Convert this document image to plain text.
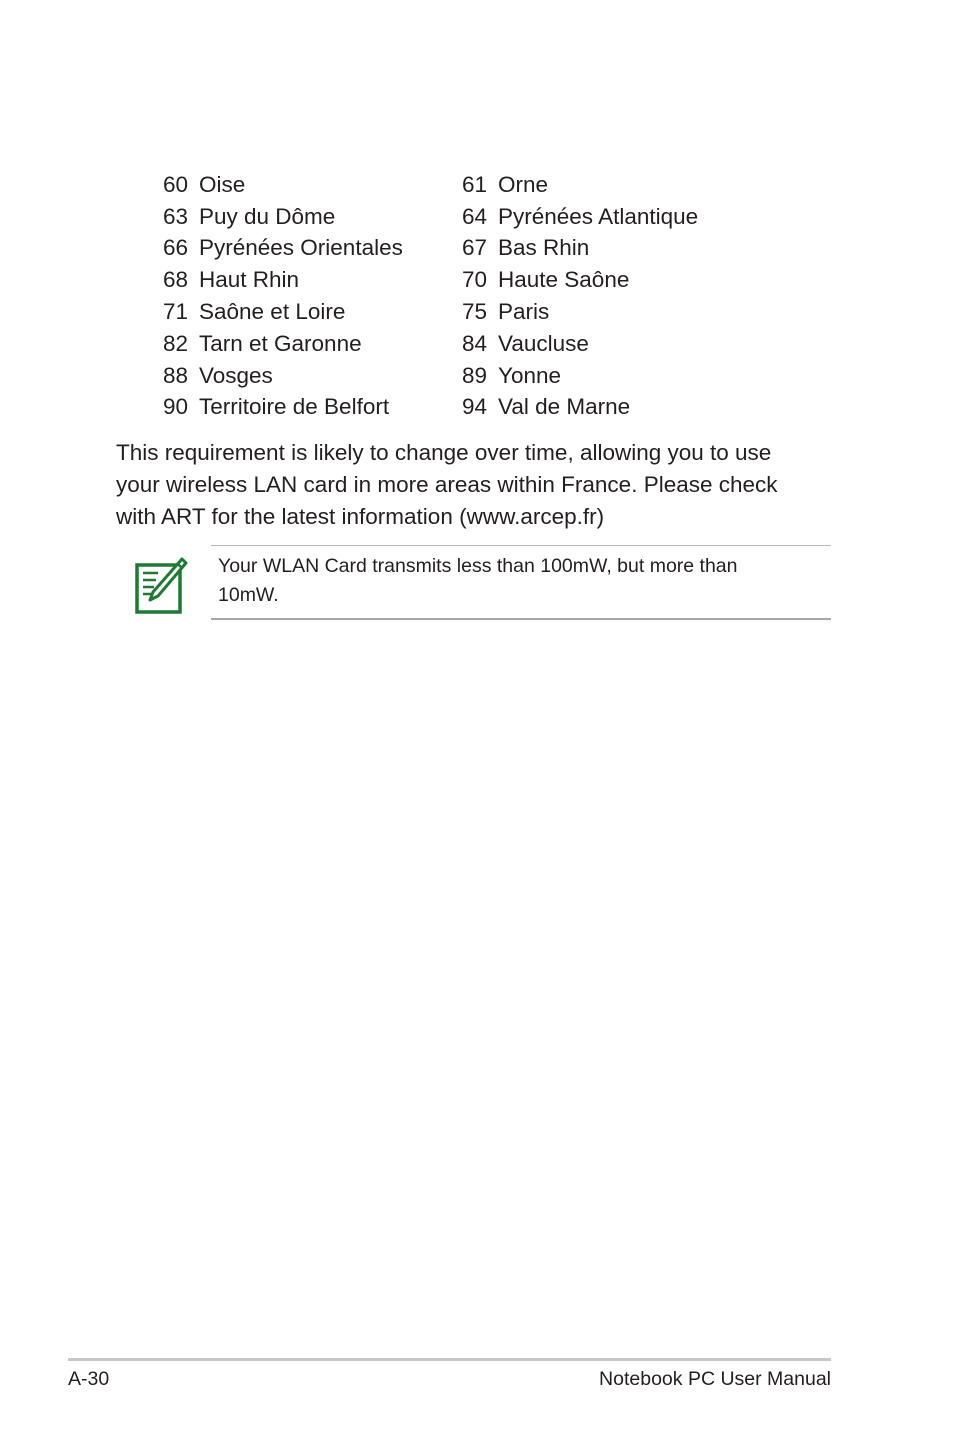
60 Oise	61 Orne
63 Puy du Dôme	64 Pyrénées Atlantique
66 Pyrénées Orientales	67 Bas Rhin
68 Haut Rhin	70 Haute Saône
71 Saône et Loire	75 Paris
82 Tarn et Garonne	84 Vaucluse
88 Vosges	89 Yonne
90 Territoire de Belfort	94 Val de Marne
This requirement is likely to change over time, allowing you to use
your wireless LAN card in more areas within France. Please check
with ART for the latest information (www.arcep.fr)
Your WLAN Card transmits less than 100mW, but more than
10mW.
A-30	Notebook PC User Manual
